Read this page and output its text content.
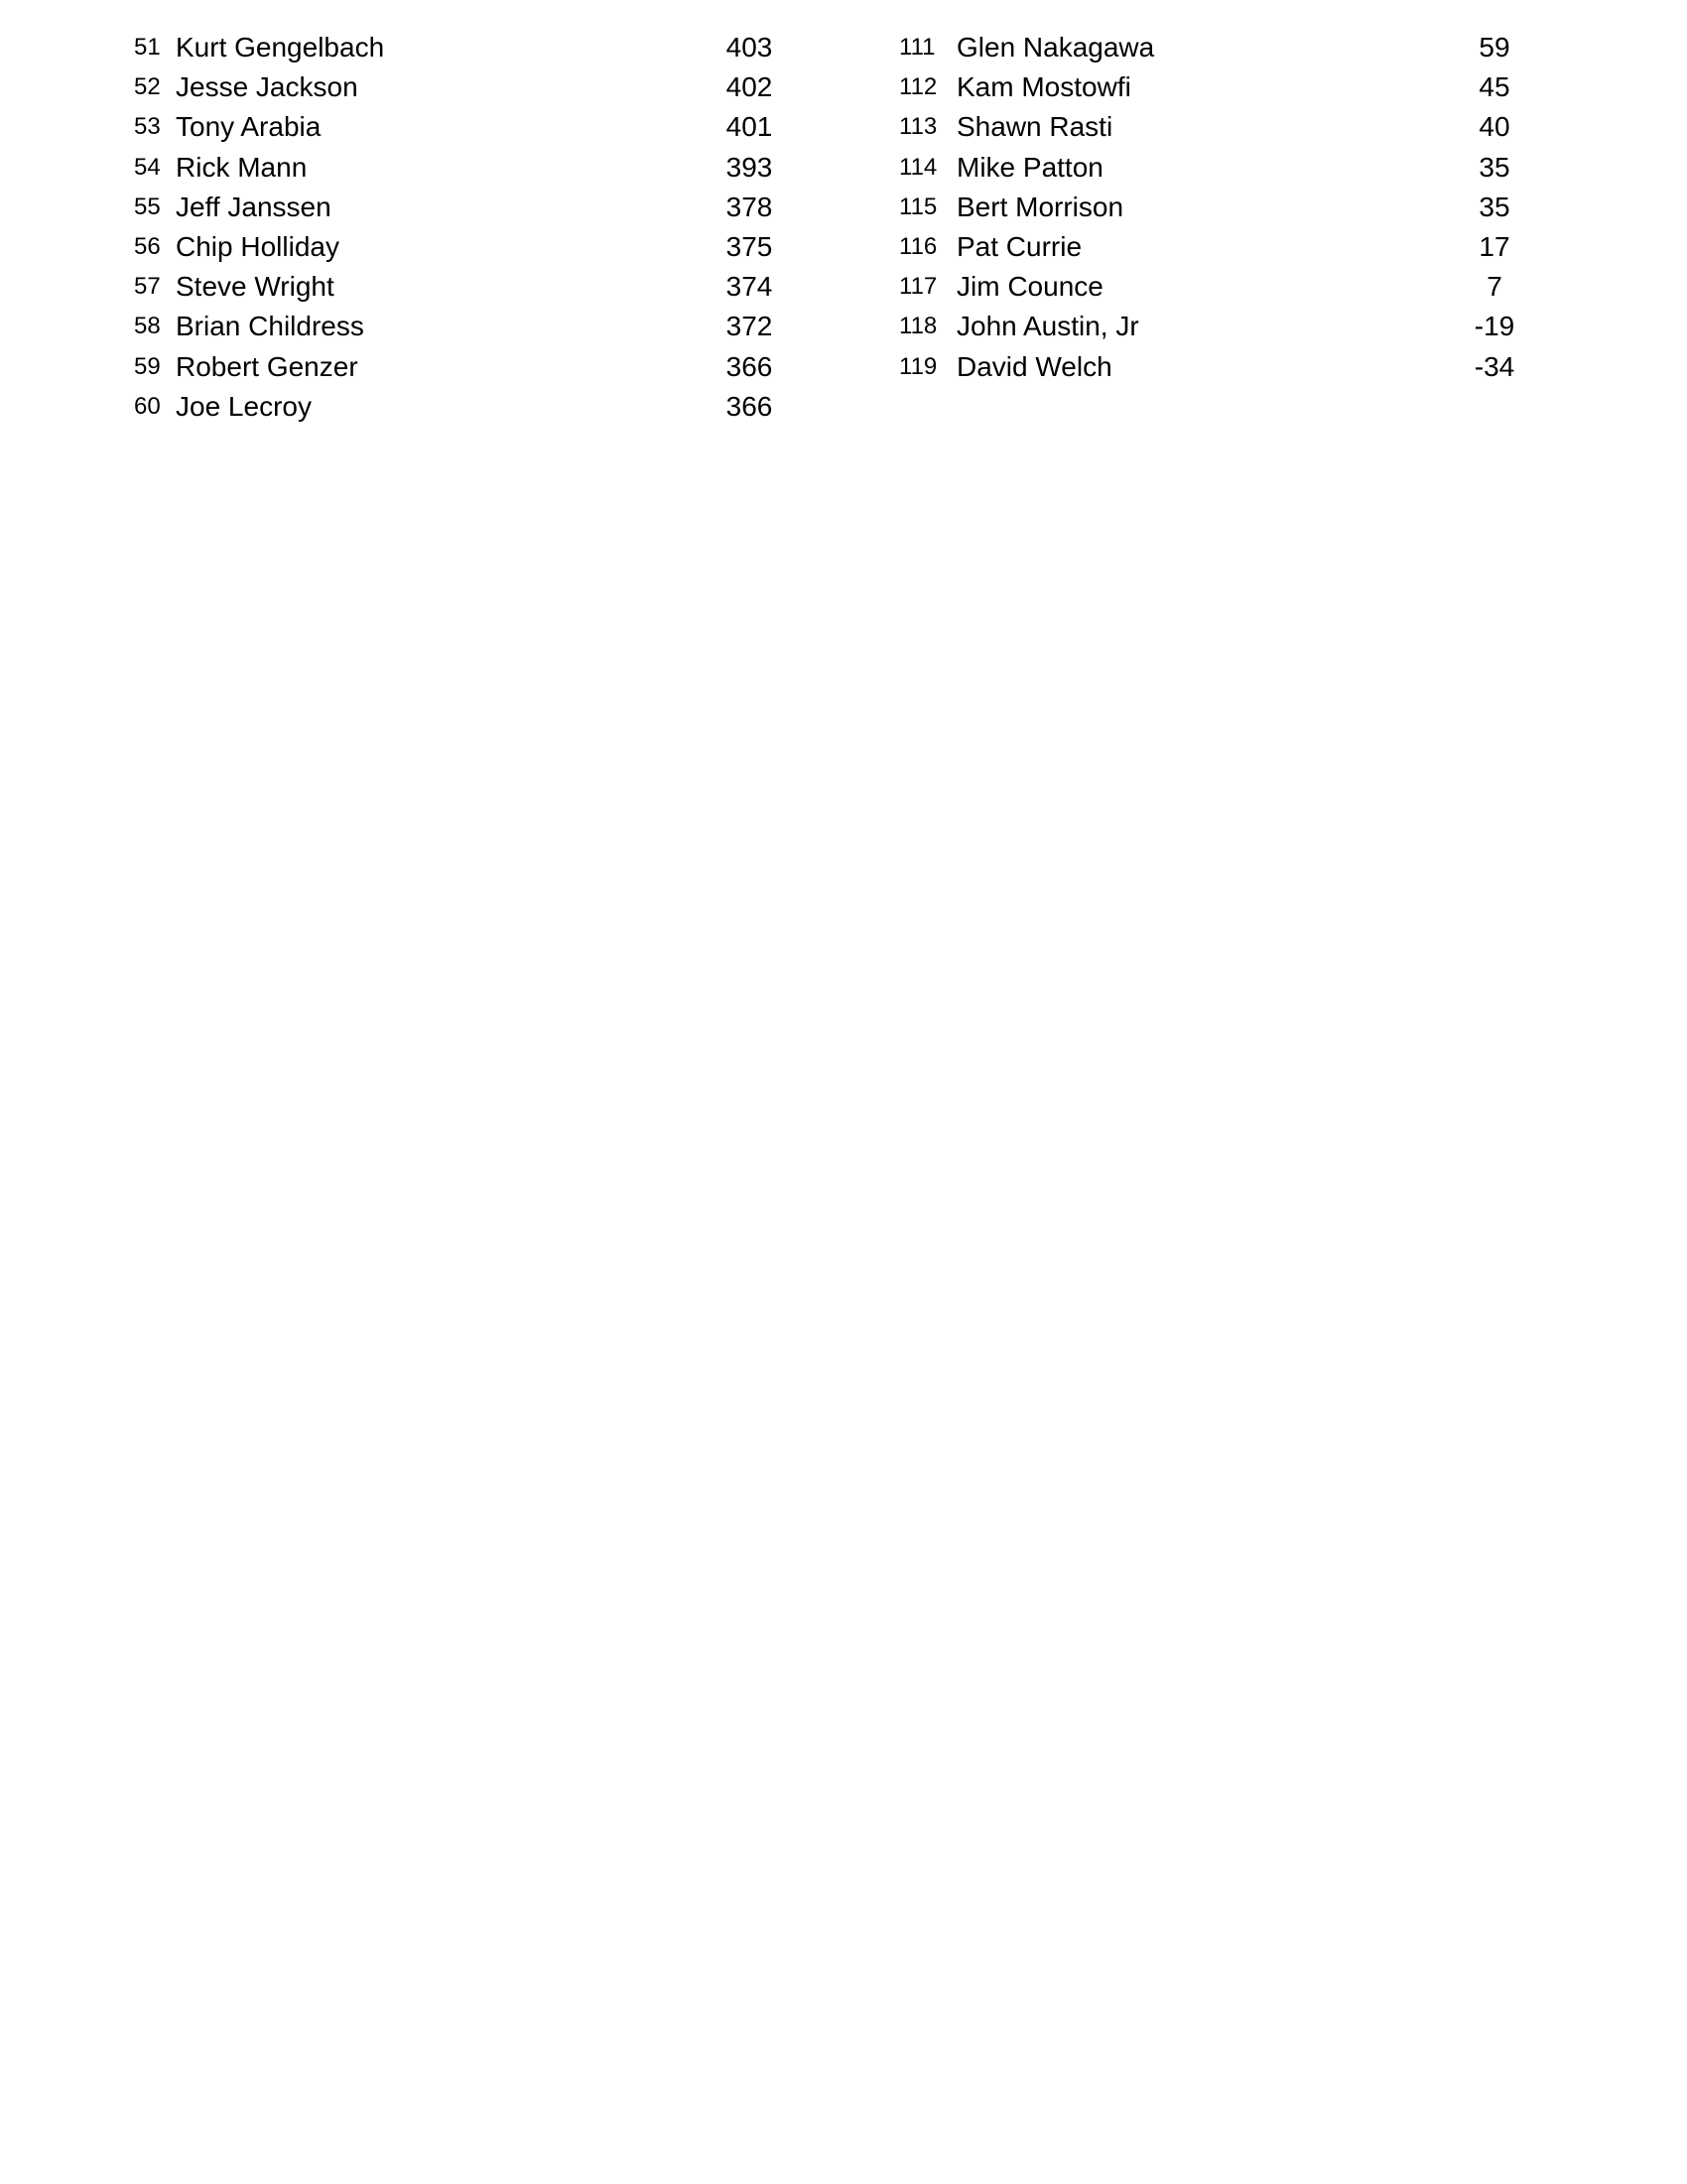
51 Kurt Gengelbach	403
52 Jesse Jackson	402
53 Tony Arabia	401
54 Rick Mann	393
55 Jeff Janssen	378
56 Chip Holliday	375
57 Steve Wright	374
58 Brian Childress	372
59 Robert Genzer	366
60 Joe Lecroy	366
111 Glen Nakagawa	59
112 Kam Mostowfi	45
113 Shawn Rasti	40
114 Mike Patton	35
115 Bert Morrison	35
116 Pat Currie	17
117 Jim Counce	7
118 John Austin, Jr	-19
119 David Welch	-34
